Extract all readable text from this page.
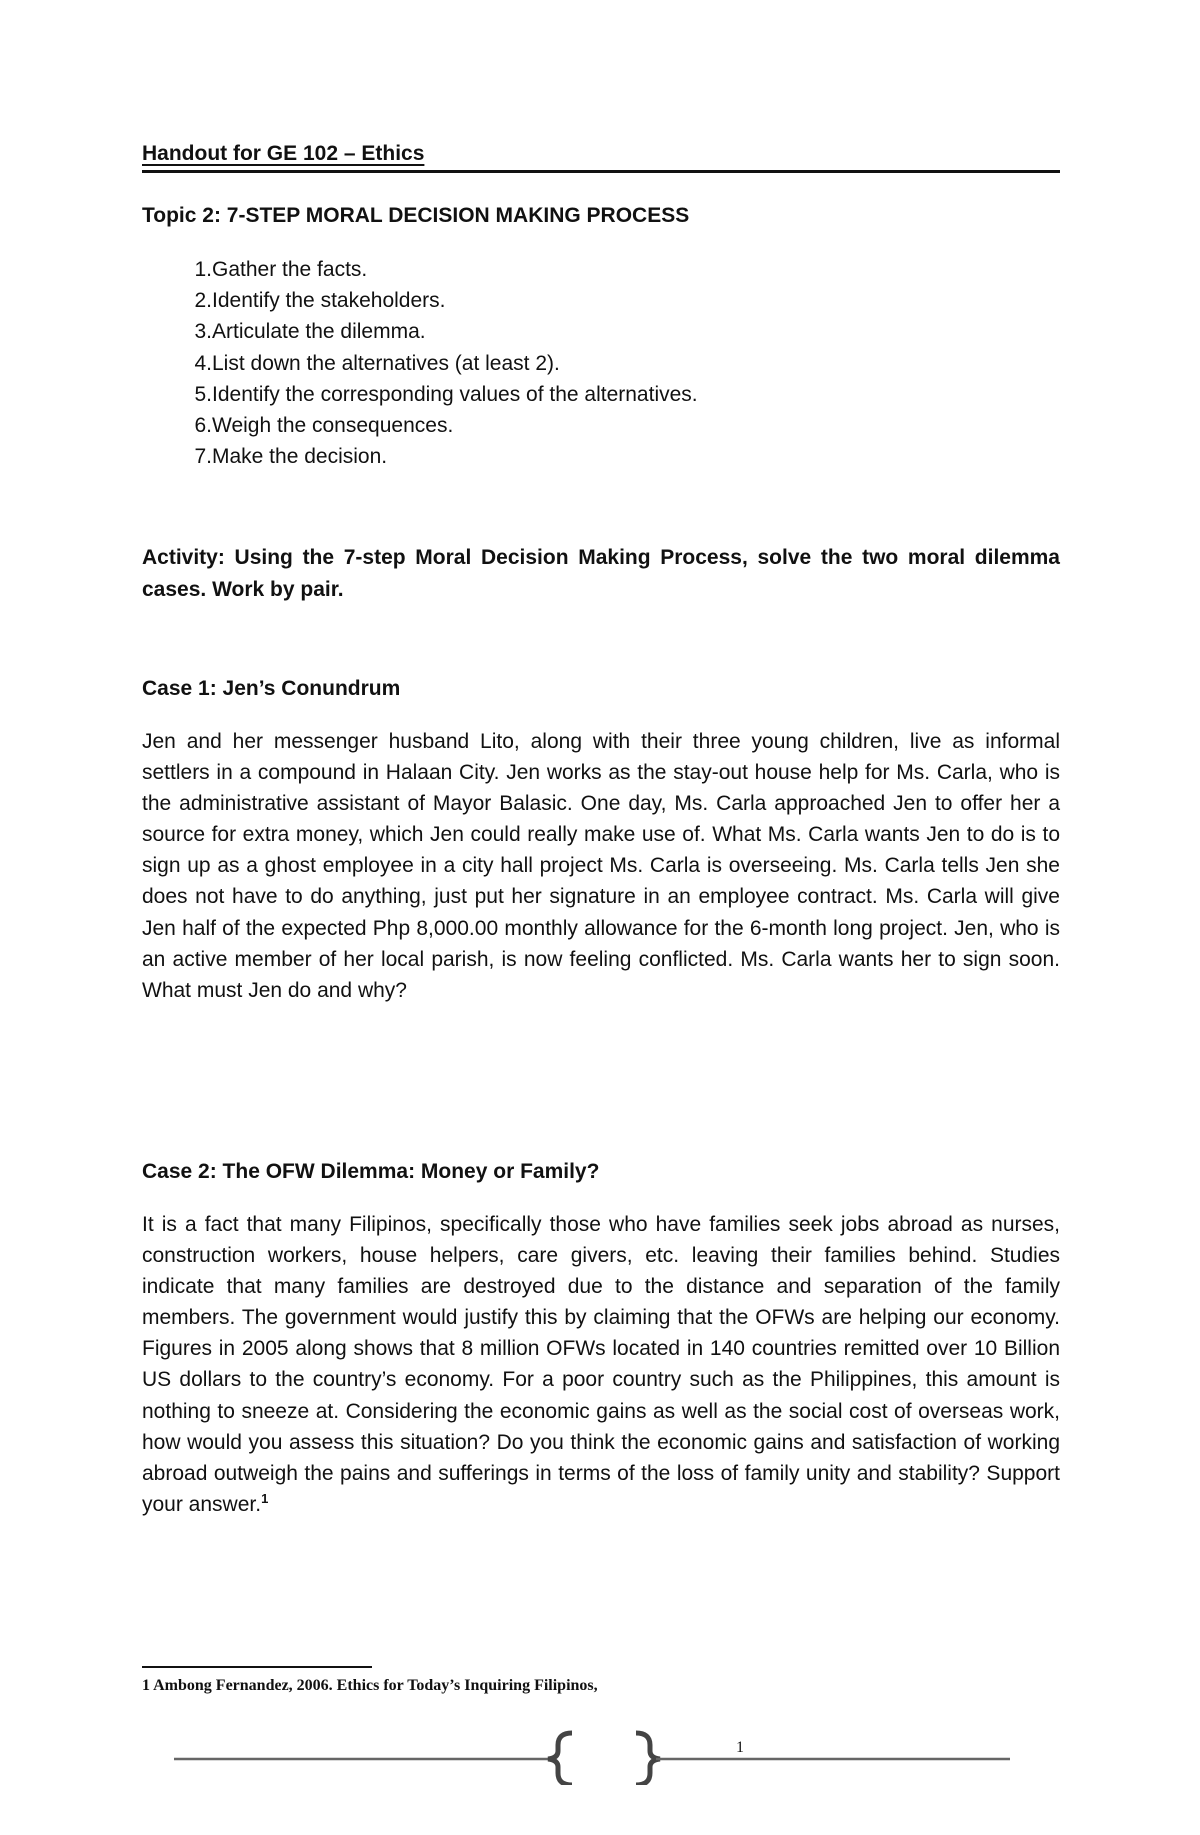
Handout for GE 102 – Ethics
Topic 2: 7-STEP MORAL DECISION MAKING PROCESS
1.Gather the facts.
2.Identify the stakeholders.
3.Articulate the dilemma.
4.List down the alternatives (at least 2).
5.Identify the corresponding values of the alternatives.
6.Weigh the consequences.
7.Make the decision.
Activity: Using the 7-step Moral Decision Making Process, solve the two moral dilemma cases. Work by pair.
Case 1: Jen’s Conundrum

Jen and her messenger husband Lito, along with their three young children, live as informal settlers in a compound in Halaan City. Jen works as the stay-out house help for Ms. Carla, who is the administrative assistant of Mayor Balasic. One day, Ms. Carla approached Jen to offer her a source for extra money, which Jen could really make use of. What Ms. Carla wants Jen to do is to sign up as a ghost employee in a city hall project Ms. Carla is overseeing. Ms. Carla tells Jen she does not have to do anything, just put her signature in an employee contract. Ms. Carla will give Jen half of the expected Php 8,000.00 monthly allowance for the 6-month long project. Jen, who is an active member of her local parish, is now feeling conflicted. Ms. Carla wants her to sign soon. What must Jen do and why?

Case 2: The OFW Dilemma: Money or Family?

It is a fact that many Filipinos, specifically those who have families seek jobs abroad as nurses, construction workers, house helpers, care givers, etc. leaving their families behind. Studies indicate that many families are destroyed due to the distance and separation of the family members. The government would justify this by claiming that the OFWs are helping our economy. Figures in 2005 along shows that 8 million OFWs located in 140 countries remitted over 10 Billion US dollars to the country’s economy. For a poor country such as the Philippines, this amount is nothing to sneeze at. Considering the economic gains as well as the social cost of overseas work, how would you assess this situation? Do you think the economic gains and satisfaction of working abroad outweigh the pains and sufferings in terms of the loss of family unity and stability? Support your answer.$^1$

1 Ambong Fernandez, 2006. Ethics for Today’s Inquiring Filipinos,
1
